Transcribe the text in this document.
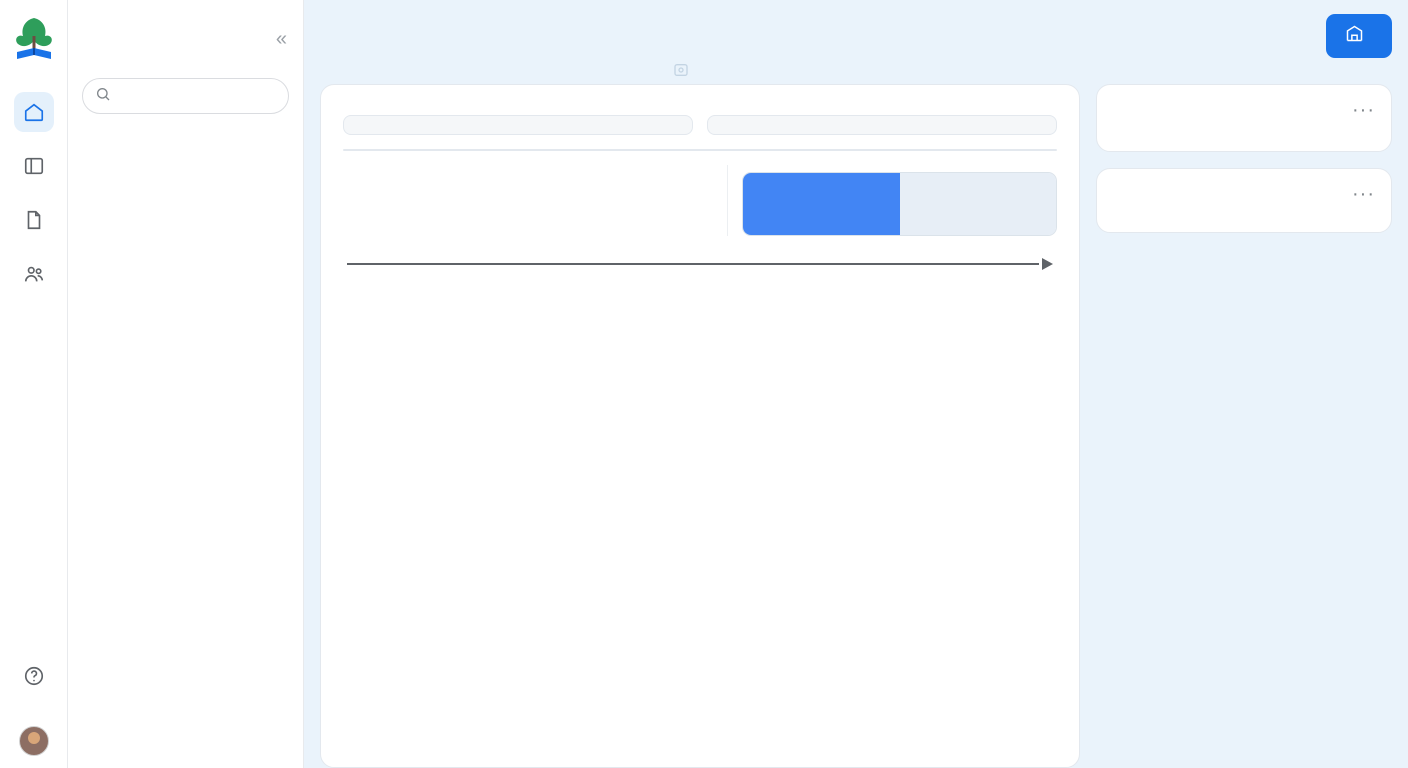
«
···
···
